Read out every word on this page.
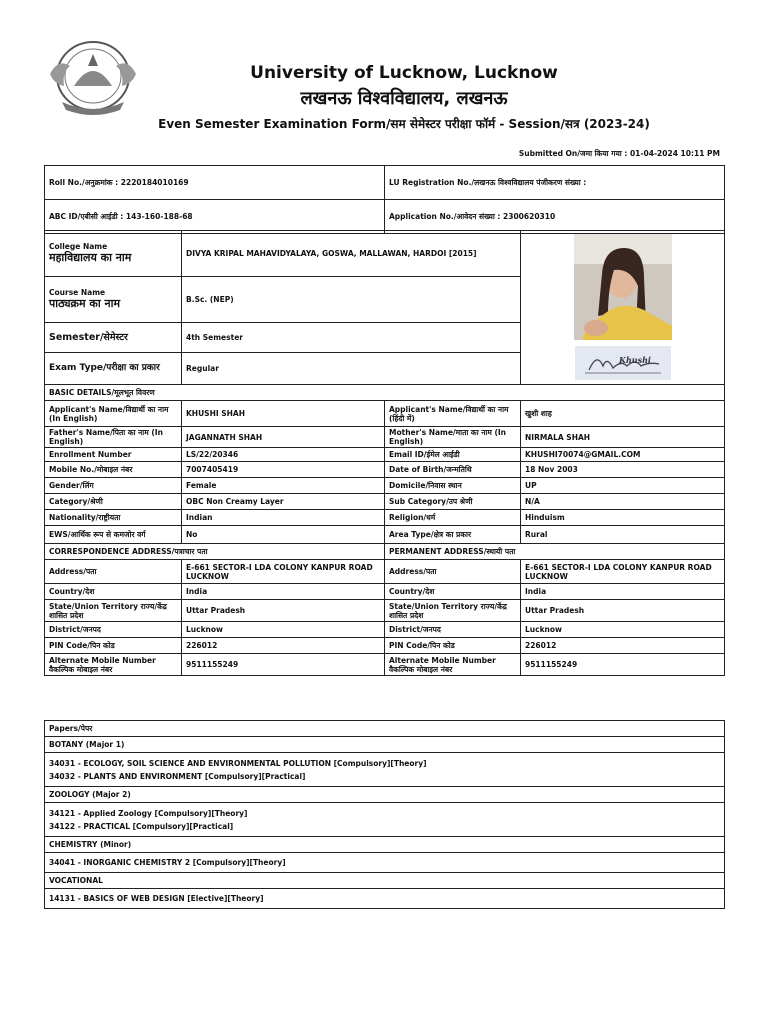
University of Lucknow, Lucknow
लखनऊ विश्वविद्यालय, लखनऊ
Even Semester Examination Form/सम सेमेस्टर परीक्षा फॉर्म - Session/सत्र (2023-24)
Submitted On/जमा किया गया : 01-04-2024 10:11 PM
Roll No./अनुक्रमांक : 2220184010169	LU Registration No./लखनऊ विश्वविद्यालय पंजीकरण संख्या :
ABC ID/एबीसी आईडी : 143-160-188-68	Application No./आवेदन संख्या : 2300620310
College Name
महाविद्यालय का नाम	DIVYA KRIPAL MAHAVIDYALAYA, GOSWA, MALLAWAN, HARDOI [2015]	Khushi

Course Name
पाठ्यक्रम का नाम	B.Sc. (NEP)	
Semester/सेमेस्टर	4th Semester	
Exam Type/परीक्षा का प्रकार	Regular	
BASIC DETAILS/मूलभूत विवरण			
Applicant's Name/विद्यार्थी का नाम (In English)	KHUSHI SHAH	Applicant's Name/विद्यार्थी का नाम (हिंदी में)	खुशी शाह
Father's Name/पिता का नाम (In English)	JAGANNATH SHAH	Mother's Name/माता का नाम (In English)	NIRMALA SHAH
Enrollment Number	LS/22/20346	Email ID/ईमेल आईडी	KHUSHI70074@GMAIL.COM
Mobile No./मोबाइल नंबर	7007405419	Date of Birth/जन्मतिथि	18 Nov 2003
Gender/लिंग	Female	Domicile/निवास स्थान	UP
Category/श्रेणी	OBC Non Creamy Layer	Sub Category/उप श्रेणी	N/A
Nationality/राष्ट्रीयता	Indian	Religion/धर्म	Hinduism
EWS/आर्थिक रूप से कमजोर वर्ग	No	Area Type/क्षेत्र का प्रकार	Rural
CORRESPONDENCE ADDRESS/पत्राचार पता		PERMANENT ADDRESS/स्थायी पता	
Address/पता	E-661 SECTOR-I LDA COLONY KANPUR ROAD LUCKNOW	Address/पता	E-661 SECTOR-I LDA COLONY KANPUR ROAD LUCKNOW
Country/देश	India	Country/देश	India
State/Union Territory राज्य/केंद्र शासित प्रदेश	Uttar Pradesh	State/Union Territory राज्य/केंद्र शासित प्रदेश	Uttar Pradesh
District/जनपद	Lucknow	District/जनपद	Lucknow
PIN Code/पिन कोड	226012	PIN Code/पिन कोड	226012
Alternate Mobile Number वैकल्पिक मोबाइल नंबर	9511155249	Alternate Mobile Number वैकल्पिक मोबाइल नंबर	9511155249
Papers/पेपर
BOTANY (Major 1)

34031 - ECOLOGY, SOIL SCIENCE AND ENVIRONMENTAL POLLUTION [Compulsory][Theory]
34032 - PLANTS AND ENVIRONMENT [Compulsory][Practical]

ZOOLOGY (Major 2)

34121 - Applied Zoology [Compulsory][Theory]
34122 - PRACTICAL [Compulsory][Practical]

CHEMISTRY (Minor)

34041 - INORGANIC CHEMISTRY 2 [Compulsory][Theory]

VOCATIONAL

14131 - BASICS OF WEB DESIGN [Elective][Theory]
